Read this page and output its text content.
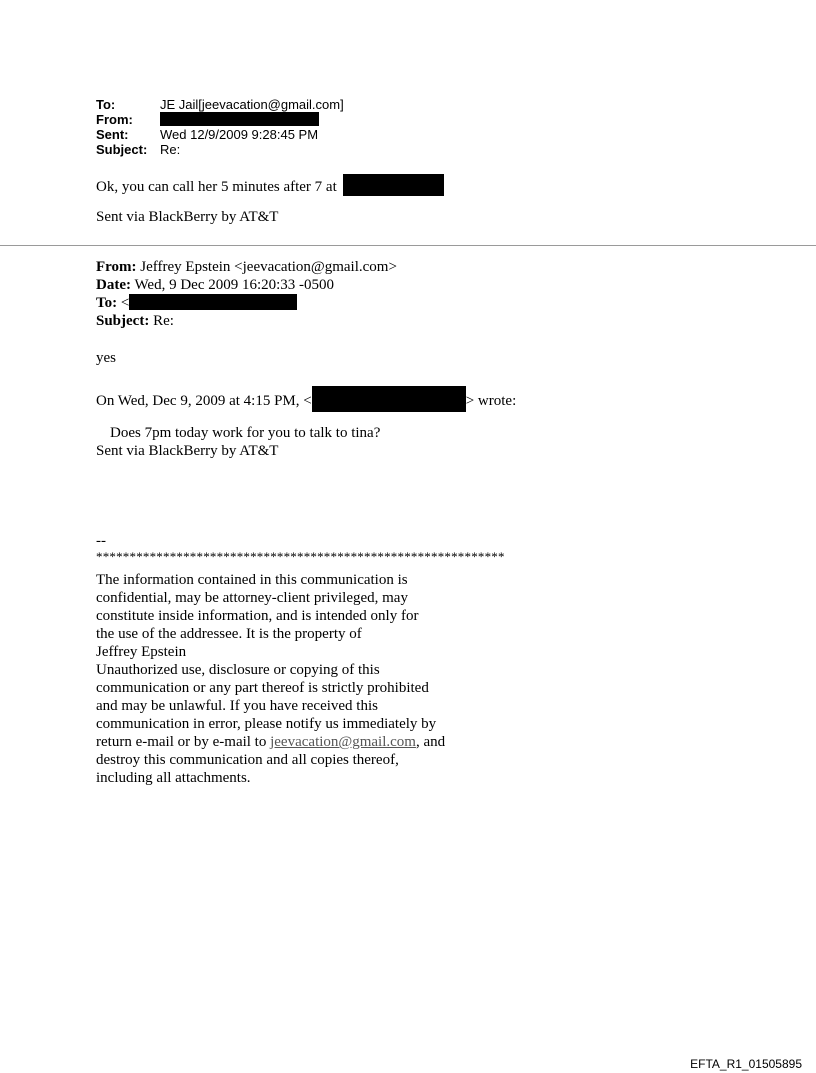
To:	JE Jail[jeevacation@gmail.com]
From:
Sent:	Wed 12/9/2009 9:28:45 PM
Subject: Re:
Ok, you can call her 5 minutes after 7 at
Sent via BlackBerry by AT&T
From: Jeffrey Epstein <jeevacation@gmail.com>
Date: Wed, 9 Dec 2009 16:20:33 -0500
To: <
Subject: Re:
yes
On Wed, Dec 9, 2009 at 4:15 PM, <	> wrote:
Does 7pm today work for you to talk to tina?
Sent via BlackBerry by AT&T
--
*************************************************************
The information contained in this communication is
confidential, may be attorney-client privileged, may
constitute inside information, and is intended only for
the use of the addressee. It is the property of
Jeffrey Epstein
Unauthorized use, disclosure or copying of this
communication or any part thereof is strictly prohibited
and may be unlawful. If you have received this
communication in error, please notify us immediately by
return e-mail or by e-mail to jeevacation@gmail.com, and
destroy this communication and all copies thereof,
including all attachments.
EFTA_R1_01505895
